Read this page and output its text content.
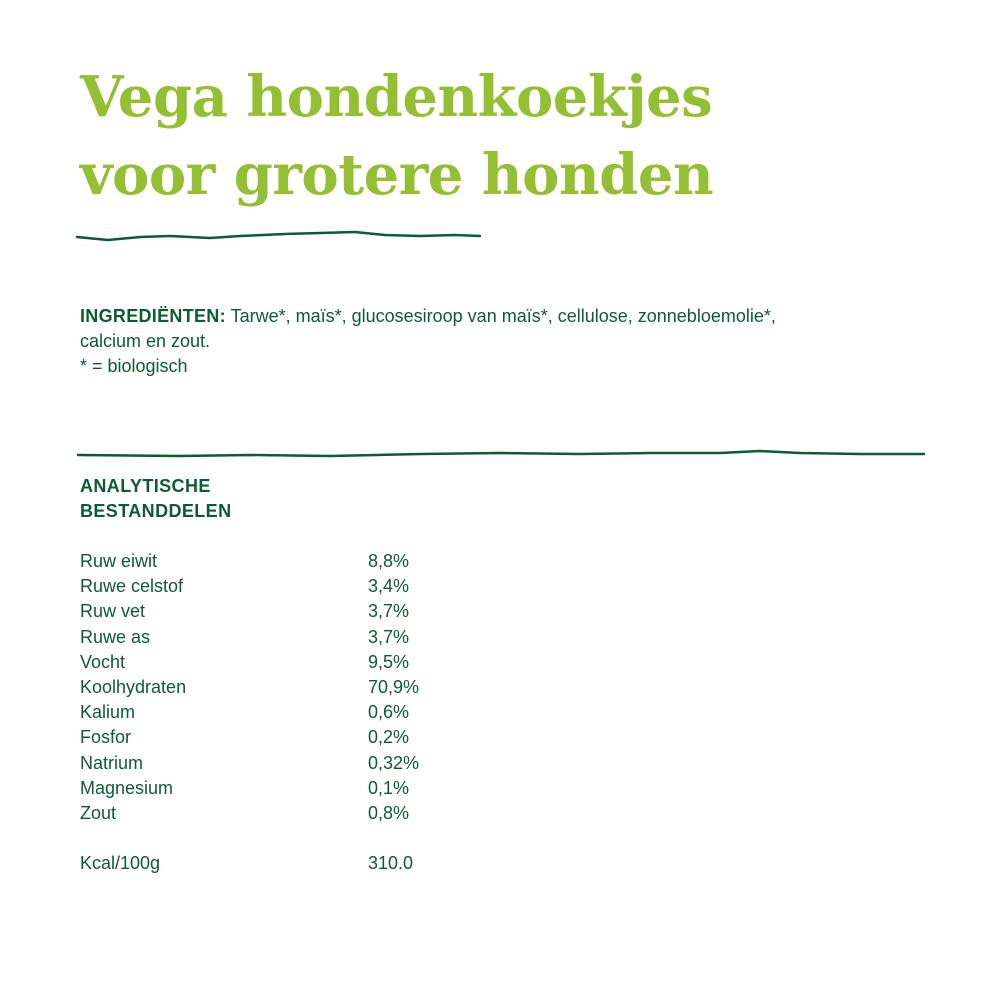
Vega hondenkoekjes
voor grotere honden
INGREDIËNTEN: Tarwe*, maïs*, glucosesiroop van maïs*, cellulose, zonnebloemolie*,
calcium en zout.
* = biologisch
ANALYTISCHE
BESTANDDELEN
Ruw eiwit	8,8%
Ruwe celstof	3,4%
Ruw vet	3,7%
Ruwe as	3,7%
Vocht	9,5%
Koolhydraten	70,9%
Kalium	0,6%
Fosfor	0,2%
Natrium	0,32%
Magnesium	0,1%
Zout	0,8%
Kcal/100g	310.0
